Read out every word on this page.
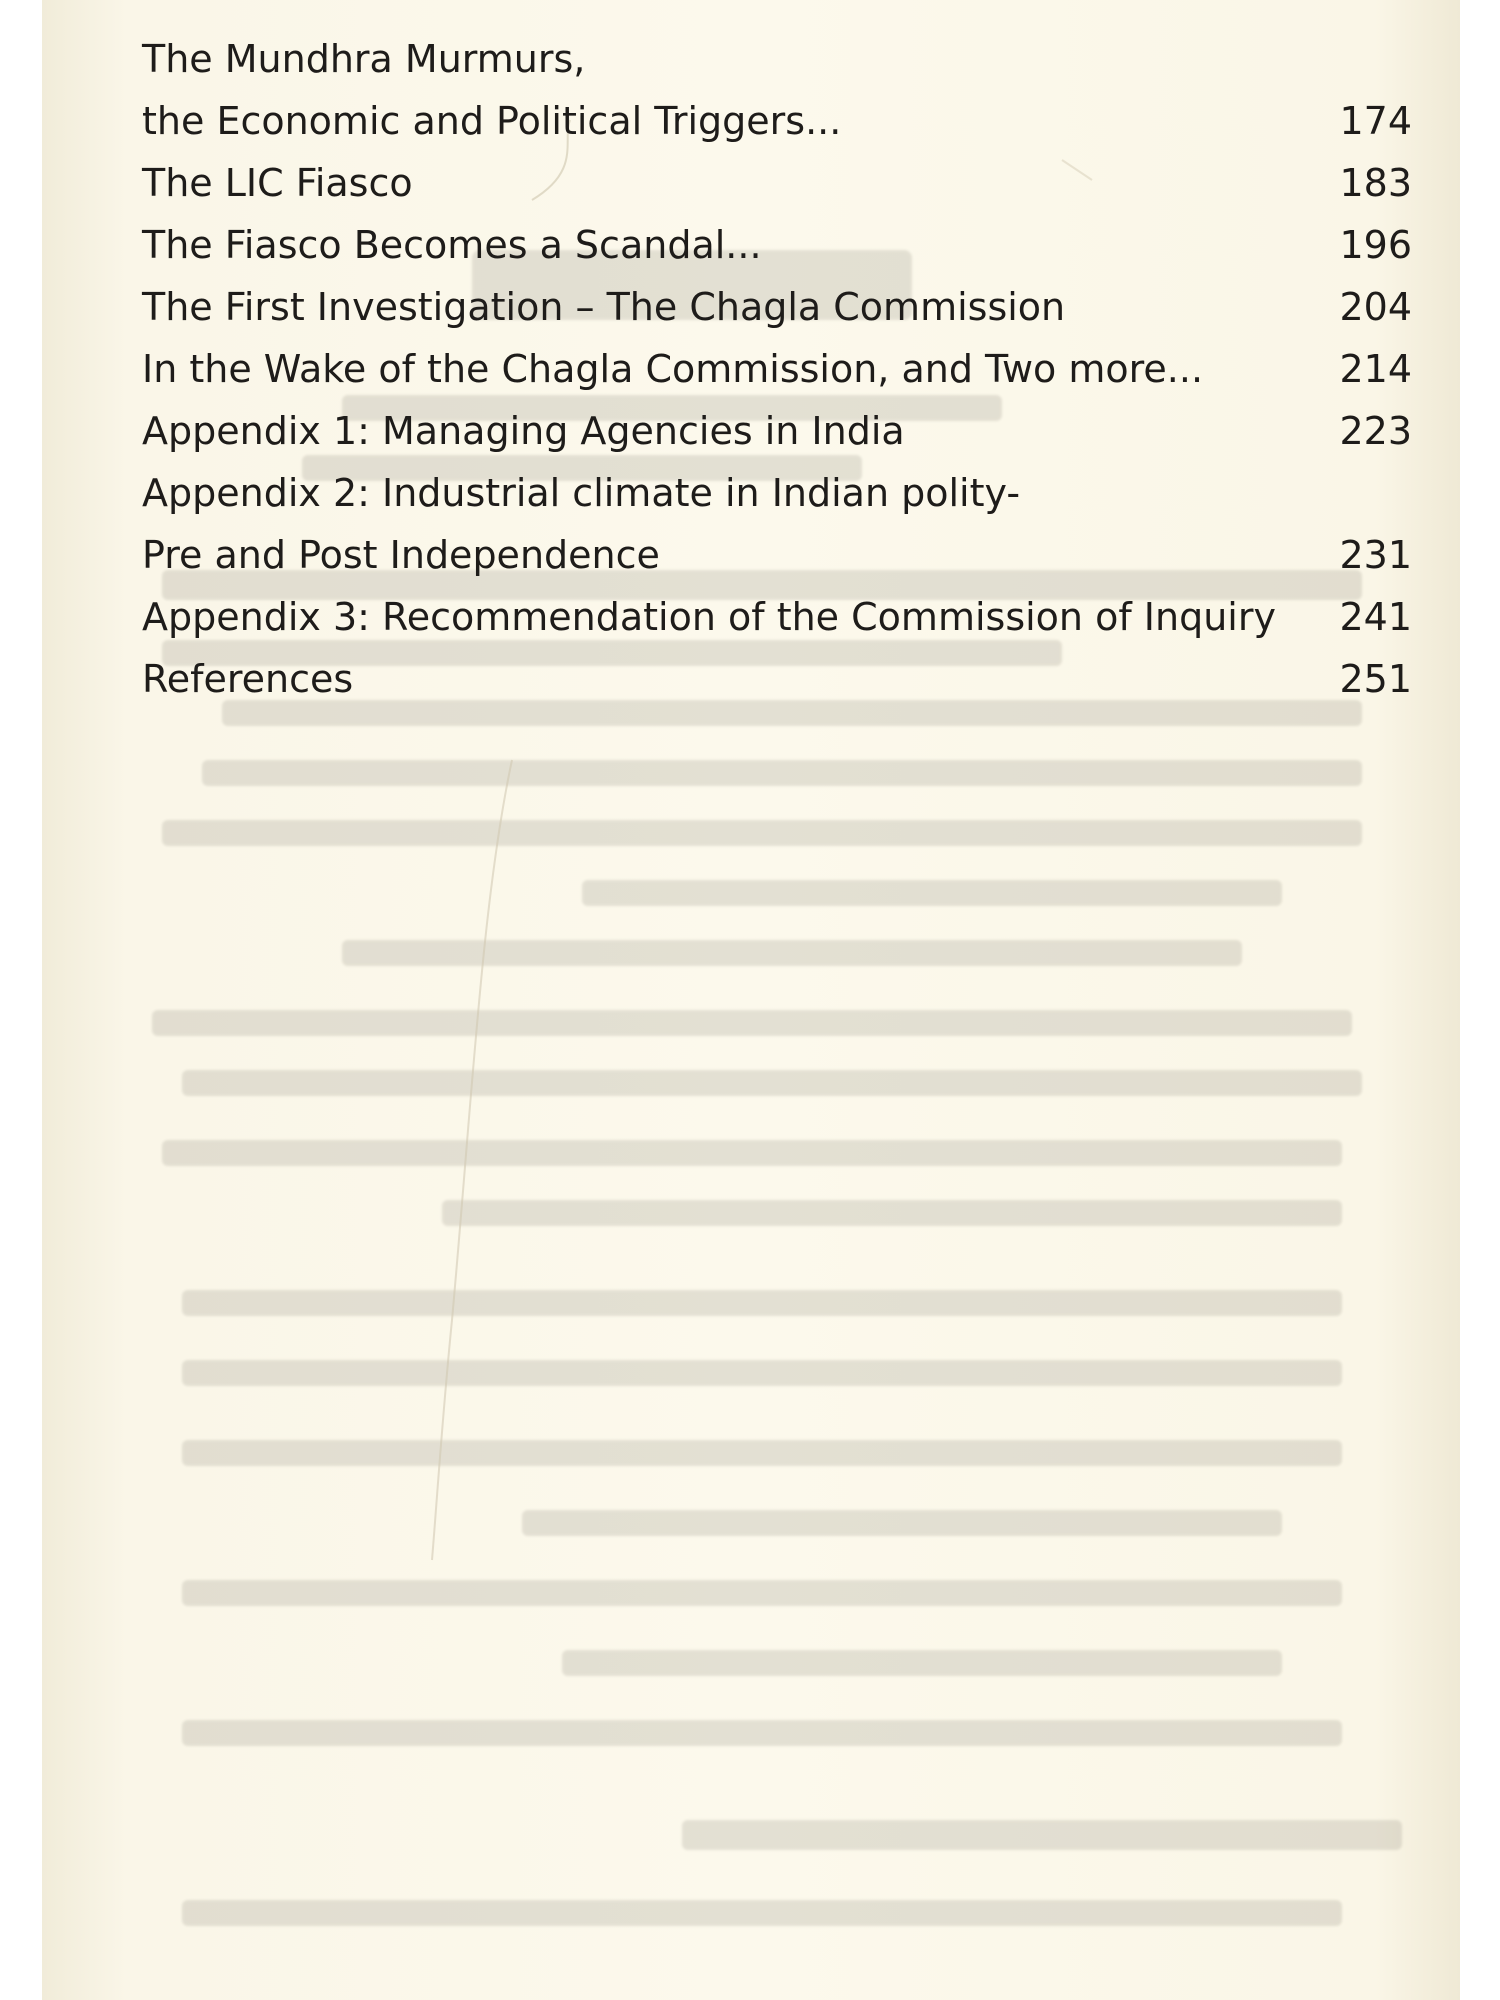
The Mundhra Murmurs,
the Economic and Political Triggers...	174
The LIC Fiasco	183
The Fiasco Becomes a Scandal...	196
The First Investigation – The Chagla Commission	204
In the Wake of the Chagla Commission, and Two more...	214
Appendix 1: Managing Agencies in India	223
Appendix 2: Industrial climate in Indian polity-
Pre and Post Independence	231
Appendix 3: Recommendation of the Commission of Inquiry	241
References	251
